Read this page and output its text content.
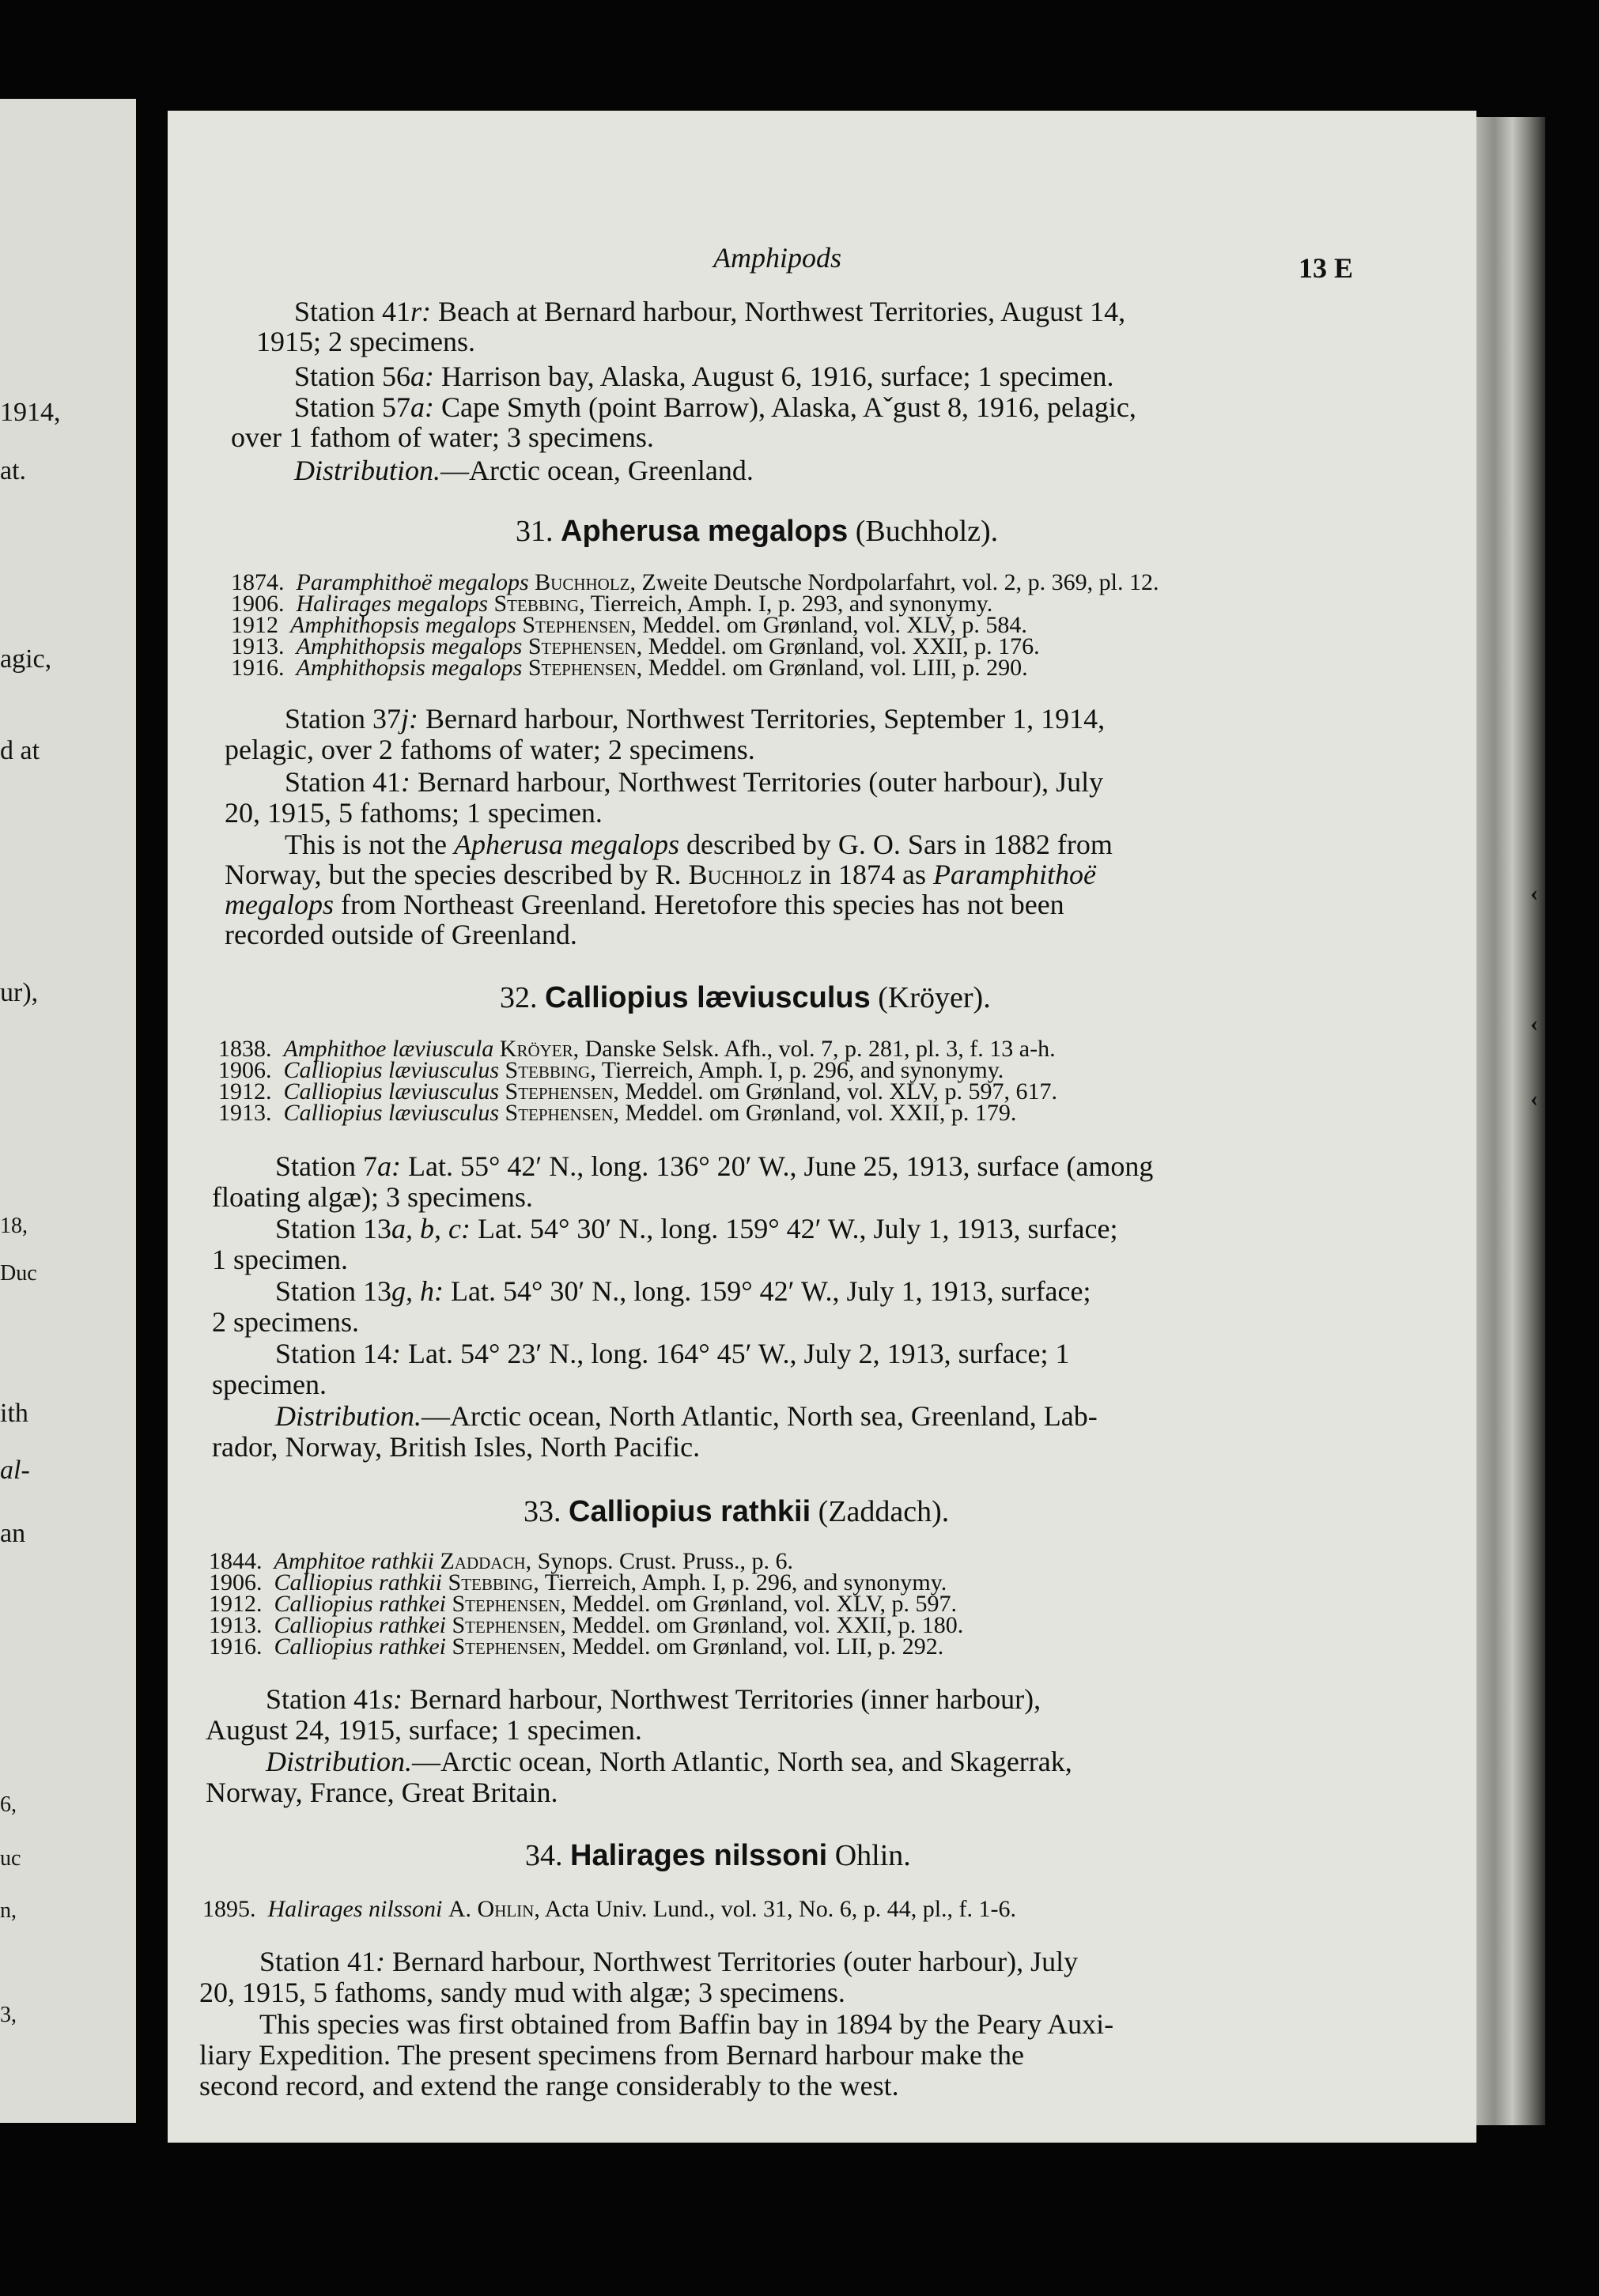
1914,
at.
agic,
d at
ur),
18,
Duc
ith
al-
an
6,
uc
n,
3,
‹
‹
‹
Amphipods	13 E
Station 41r: Beach at Bernard harbour, Northwest Territories, August 14,
1915; 2 specimens.
Station 56a: Harrison bay, Alaska, August 6, 1916, surface; 1 specimen.
Station 57a: Cape Smyth (point Barrow), Alaska, Aˇgust 8, 1916, pelagic,
over 1 fathom of water; 3 specimens.
Distribution.—Arctic ocean, Greenland.
31. Apherusa megalops (Buchholz).
1874. Paramphithoë megalops Buchholz, Zweite Deutsche Nordpolarfahrt, vol. 2, p. 369, pl. 12.
1906. Halirages megalops Stebbing, Tierreich, Amph. I, p. 293, and synonymy.
1912 Amphithopsis megalops Stephensen, Meddel. om Grønland, vol. XLV, p. 584.
1913. Amphithopsis megalops Stephensen, Meddel. om Grønland, vol. XXII, p. 176.
1916. Amphithopsis megalops Stephensen, Meddel. om Grønland, vol. LIII, p. 290.
Station 37j: Bernard harbour, Northwest Territories, September 1, 1914,
pelagic, over 2 fathoms of water; 2 specimens.
Station 41: Bernard harbour, Northwest Territories (outer harbour), July
20, 1915, 5 fathoms; 1 specimen.
This is not the Apherusa megalops described by G. O. Sars in 1882 from
Norway, but the species described by R. Buchholz in 1874 as Paramphithoë
megalops from Northeast Greenland. Heretofore this species has not been
recorded outside of Greenland.
32. Calliopius læviusculus (Kröyer).
1838. Amphithoe læviuscula Kröyer, Danske Selsk. Afh., vol. 7, p. 281, pl. 3, f. 13 a-h.
1906. Calliopius læviusculus Stebbing, Tierreich, Amph. I, p. 296, and synonymy.
1912. Calliopius læviusculus Stephensen, Meddel. om Grønland, vol. XLV, p. 597, 617.
1913. Calliopius læviusculus Stephensen, Meddel. om Grønland, vol. XXII, p. 179.
Station 7a: Lat. 55° 42′ N., long. 136° 20′ W., June 25, 1913, surface (among
floating algæ); 3 specimens.
Station 13a, b, c: Lat. 54° 30′ N., long. 159° 42′ W., July 1, 1913, surface;
1 specimen.
Station 13g, h: Lat. 54° 30′ N., long. 159° 42′ W., July 1, 1913, surface;
2 specimens.
Station 14: Lat. 54° 23′ N., long. 164° 45′ W., July 2, 1913, surface; 1
specimen.
Distribution.—Arctic ocean, North Atlantic, North sea, Greenland, Lab-
rador, Norway, British Isles, North Pacific.
33. Calliopius rathkii (Zaddach).
1844. Amphitoe rathkii Zaddach, Synops. Crust. Pruss., p. 6.
1906. Calliopius rathkii Stebbing, Tierreich, Amph. I, p. 296, and synonymy.
1912. Calliopius rathkei Stephensen, Meddel. om Grønland, vol. XLV, p. 597.
1913. Calliopius rathkei Stephensen, Meddel. om Grønland, vol. XXII, p. 180.
1916. Calliopius rathkei Stephensen, Meddel. om Grønland, vol. LII, p. 292.
Station 41s: Bernard harbour, Northwest Territories (inner harbour),
August 24, 1915, surface; 1 specimen.
Distribution.—Arctic ocean, North Atlantic, North sea, and Skagerrak,
Norway, France, Great Britain.
34. Halirages nilssoni Ohlin.
1895. Halirages nilssoni A. Ohlin, Acta Univ. Lund., vol. 31, No. 6, p. 44, pl., f. 1-6.
Station 41: Bernard harbour, Northwest Territories (outer harbour), July
20, 1915, 5 fathoms, sandy mud with algæ; 3 specimens.
This species was first obtained from Baffin bay in 1894 by the Peary Auxi-
liary Expedition. The present specimens from Bernard harbour make the
second record, and extend the range considerably to the west.
